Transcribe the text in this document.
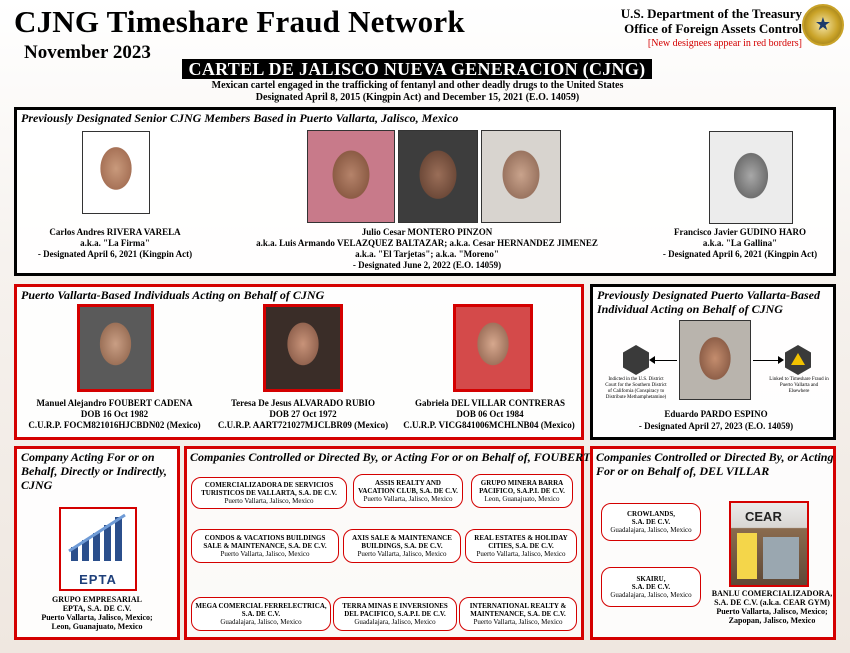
CJNG Timeshare Fraud Network
November 2023
U.S. Department of the Treasury
Office of Foreign Assets Control
[New designees appear in red borders]
★
CARTEL DE JALISCO NUEVA GENERACION (CJNG)
Mexican cartel engaged in the trafficking of fentanyl and other deadly drugs to the United States
Designated April 8, 2015 (Kingpin Act) and December 15, 2021 (E.O. 14059)
Previously Designated Senior CJNG Members Based in Puerto Vallarta, Jalisco, Mexico
Carlos Andres RIVERA VARELA
a.k.a. "La Firma"
- Designated April 6, 2021 (Kingpin Act)
Julio Cesar MONTERO PINZON
a.k.a. Luis Armando VELAZQUEZ BALTAZAR; a.k.a. Cesar HERNANDEZ JIMENEZ
a.k.a. "El Tarjetas"; a.k.a. "Moreno"
- Designated June 2, 2022 (E.O. 14059)
Francisco Javier GUDINO HARO
a.k.a. "La Gallina"
- Designated April 6, 2021 (Kingpin Act)
Puerto Vallarta-Based Individuals Acting on Behalf of CJNG
Manuel Alejandro FOUBERT CADENA
DOB 16 Oct 1982
C.U.R.P. FOCM821016HJCBDN02 (Mexico)
Teresa De Jesus ALVARADO RUBIO
DOB 27 Oct 1972
C.U.R.P. AART721027MJCLBR09 (Mexico)
Gabriela DEL VILLAR CONTRERAS
DOB 06 Oct 1984
C.U.R.P. VICG841006MCHLNB04 (Mexico)
Previously Designated Puerto Vallarta-Based Individual Acting on Behalf of CJNG
Indicted in the U.S. District Court for the Southern District of California (Conspiracy to Distribute Methamphetamine)
Linked to Timeshare Fraud in Puerto Vallarta and Elsewhere
Eduardo PARDO ESPINO
- Designated April 27, 2023 (E.O. 14059)
Company Acting For or on Behalf, Directly or Indirectly, CJNG
EPTA
GRUPO EMPRESARIAL
EPTA, S.A. DE C.V.
Puerto Vallarta, Jalisco, Mexico;
Leon, Guanajuato, Mexico
Companies Controlled or Directed By, or Acting For or on Behalf of, FOUBERT
COMERCIALIZADORA DE SERVICIOS TURISTICOS DE VALLARTA, S.A. DE C.V.
Puerto Vallarta, Jalisco, Mexico
ASSIS REALTY AND VACATION CLUB, S.A. DE C.V.
Puerto Vallarta, Jalisco, Mexico
GRUPO MINERA BARRA PACIFICO, S.A.P.I. DE C.V.
Leon, Guanajuato, Mexico
CONDOS & VACATIONS BUILDINGS SALE & MAINTENANCE, S.A. DE C.V.
Puerto Vallarta, Jalisco, Mexico
AXIS SALE & MAINTENANCE BUILDINGS, S.A. DE C.V.
Puerto Vallarta, Jalisco, Mexico
REAL ESTATES & HOLIDAY CITIES, S.A. DE C.V.
Puerto Vallarta, Jalisco, Mexico
MEGA COMERCIAL FERRELECTRICA, S.A. DE C.V.
Guadalajara, Jalisco, Mexico
TERRA MINAS E INVERSIONES DEL PACIFICO, S.A.P.I. DE C.V.
Guadalajara, Jalisco, Mexico
INTERNATIONAL REALTY & MAINTENANCE, S.A. DE C.V.
Puerto Vallarta, Jalisco, Mexico
Companies Controlled or Directed By, or Acting For or on Behalf of, DEL VILLAR
CROWLANDS,
S.A. DE C.V.
Guadalajara, Jalisco, Mexico
SKAIRU,
S.A. DE C.V.
Guadalajara, Jalisco, Mexico
CEAR
BANLU COMERCIALIZADORA,
S.A. DE C.V. (a.k.a. CEAR GYM)
Puerto Vallarta, Jalisco, Mexico;
Zapopan, Jalisco, Mexico
